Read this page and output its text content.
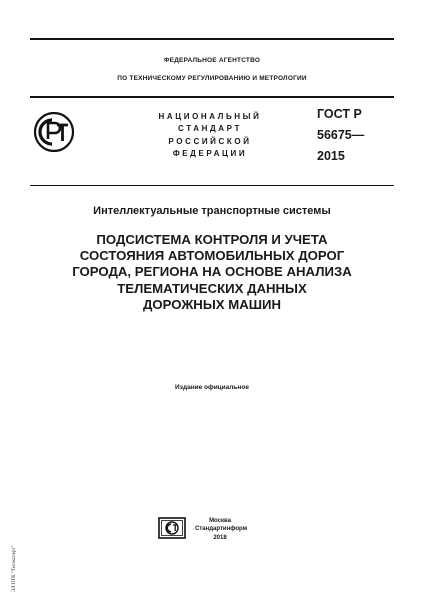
ФЕДЕРАЛЬНОЕ АГЕНТСТВО
ПО ТЕХНИЧЕСКОМУ РЕГУЛИРОВАНИЮ И МЕТРОЛОГИИ
НАЦИОНАЛЬНЫЙ
СТАНДАРТ
РОССИЙСКОЙ
ФЕДЕРАЦИИ
ГОСТ Р
56675—
2015
Интеллектуальные транспортные системы
ПОДСИСТЕМА КОНТРОЛЯ И УЧЕТА
СОСТОЯНИЯ АВТОМОБИЛЬНЫХ ДОРОГ
ГОРОДА, РЕГИОНА НА ОСНОВЕ АНАЛИЗА
ТЕЛЕМАТИЧЕСКИХ ДАННЫХ
ДОРОЖНЫХ МАШИН
Издание официальное
Москва
Стандартинформ
2018
ЭЛ ПТК "Техэксперт"
